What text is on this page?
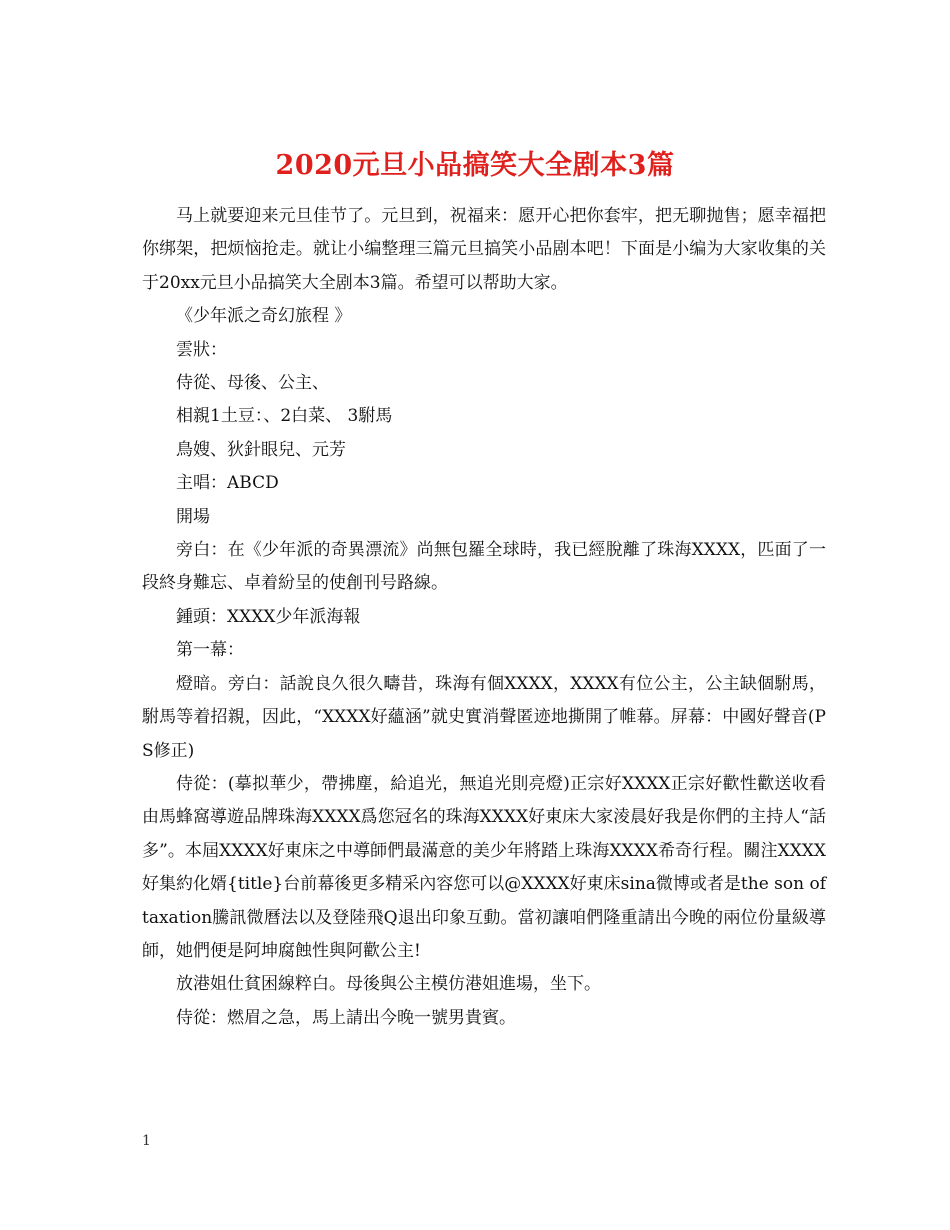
2020元旦小品搞笑大全剧本3篇

马上就要迎来元旦佳节了。元旦到，祝福来：愿开心把你套牢，把无聊抛售；愿幸福把你绑架，把烦恼抢走。就让小编整理三篇元旦搞笑小品剧本吧！下面是小编为大家收集的关于20xx元旦小品搞笑大全剧本3篇。希望可以帮助大家。

《少年派之奇幻旅程 》

雲狀：

侍從、母後、公主、

相親1土豆：、2白菜、 3駙馬

鳥嫂、狄針眼兒、元芳

主唱：ABCD

開場

旁白：在《少年派的奇異漂流》尚無包羅全球時，我已經脫離了珠海XXXX，匹面了一段終身難忘、卓着紛呈的使創刊号路線。

鍾頭：XXXX少年派海報

第一幕：

燈暗。旁白：話說良久很久疇昔，珠海有個XXXX，XXXX有位公主，公主缺個駙馬，駙馬等着招親，因此，“XXXX好蘊涵”就史實消聲匿迹地撕開了帷幕。屏幕：中國好聲音(PS修正)

侍從：(摹拟華少，帶拂塵，給追光，無追光則亮燈)正宗好XXXX正宗好歡性歡送收看由馬蜂窩導遊品牌珠海XXXX爲您冠名的珠海XXXX好東床大家淩晨好我是你們的主持人“話多”。本屆XXXX好東床之中導師們最滿意的美少年將踏上珠海XXXX希奇行程。關注XXXX好集約化婿{title}台前幕後更多精采內容您可以@XXXX好東床sina微博或者是the son of taxation騰訊微曆法以及登陸飛Q退出印象互動。當初讓咱們隆重請出今晚的兩位份量級導師，她們便是阿坤腐蝕性與阿歡公主!

放港姐仕貧困線粹白。母後與公主模仿港姐進場，坐下。

侍從：燃眉之急，馬上請出今晚一號男貴賓。

1
